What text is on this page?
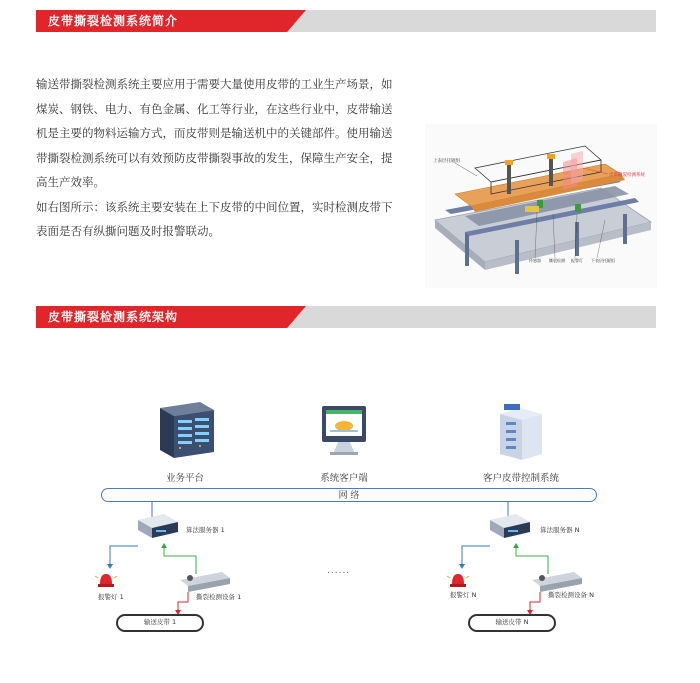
皮带撕裂检测系统简介

输送带撕裂检测系统主要应用于需要大量使用皮带的工业生产场景，如煤炭、钢铁、电力、有色金属、化工等行业，在这些行业中，皮带输送机是主要的物料运输方式，而皮带则是输送机中的关键部件。使用输送带撕裂检测系统可以有效预防皮带撕裂事故的发生，保障生产安全，提高生产效率。

如右图所示：该系统主要安装在上下皮带的中间位置，实时检测皮带下表面是否有纵撕问题及时报警联动。

上表层托辊组
皮带撕裂检测系统
传感器 撕裂检测 报警灯 下表层托辊组
皮带撕裂检测系统架构
业务平台	系统客户端	客户皮带控制系统
网 络
算法服务器 1	算法服务器 N
报警灯 1	报警灯 N
撕裂检测设备 1	撕裂检测设备 N
输送皮带 1	输送皮带 N
......
